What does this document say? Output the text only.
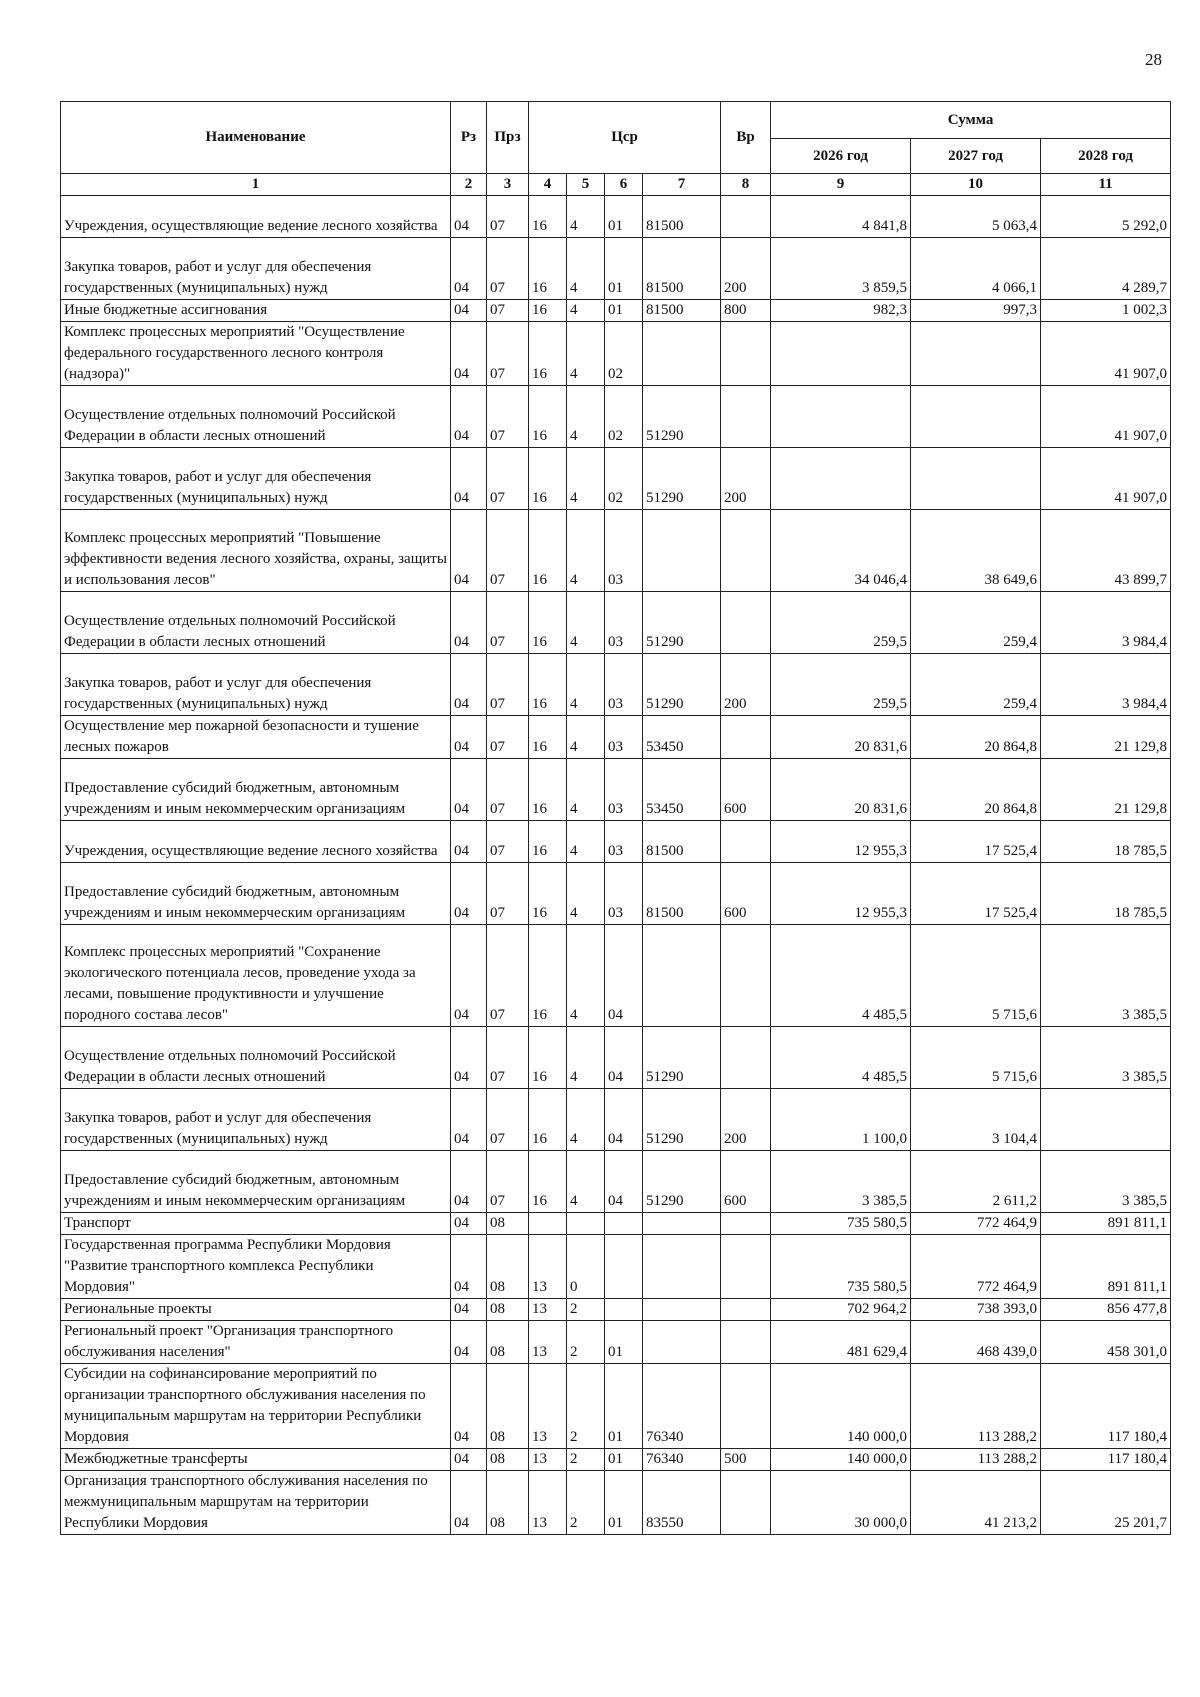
28
Наименование	Рз	Прз	Цср				Вр	Сумма		
								2026 год	2027 год	2028 год
1	2	3	4	5	6	7	8	9	10	11
Учреждения, осуществляющие ведение лесного хозяйства	04	07	16	4	01	81500		4 841,8	5 063,4	5 292,0
Закупка товаров, работ и услуг для обеспечения государственных (муниципальных) нужд	04	07	16	4	01	81500	200	3 859,5	4 066,1	4 289,7
Иные бюджетные ассигнования	04	07	16	4	01	81500	800	982,3	997,3	1 002,3
Комплекс процессных мероприятий "Осуществление федерального государственного лесного контроля (надзора)"	04	07	16	4	02					41 907,0
Осуществление отдельных полномочий Российской Федерации в области лесных отношений	04	07	16	4	02	51290				41 907,0
Закупка товаров, работ и услуг для обеспечения государственных (муниципальных) нужд	04	07	16	4	02	51290	200			41 907,0
Комплекс процессных мероприятий "Повышение эффективности ведения лесного хозяйства, охраны, защиты и использования лесов"	04	07	16	4	03			34 046,4	38 649,6	43 899,7
Осуществление отдельных полномочий Российской Федерации в области лесных отношений	04	07	16	4	03	51290		259,5	259,4	3 984,4
Закупка товаров, работ и услуг для обеспечения государственных (муниципальных) нужд	04	07	16	4	03	51290	200	259,5	259,4	3 984,4
Осуществление мер пожарной безопасности и тушение лесных пожаров	04	07	16	4	03	53450		20 831,6	20 864,8	21 129,8
Предоставление субсидий бюджетным, автономным учреждениям и иным некоммерческим организациям	04	07	16	4	03	53450	600	20 831,6	20 864,8	21 129,8
Учреждения, осуществляющие ведение лесного хозяйства	04	07	16	4	03	81500		12 955,3	17 525,4	18 785,5
Предоставление субсидий бюджетным, автономным учреждениям и иным некоммерческим организациям	04	07	16	4	03	81500	600	12 955,3	17 525,4	18 785,5
Комплекс процессных мероприятий "Сохранение экологического потенциала лесов, проведение ухода за лесами, повышение продуктивности и улучшение породного состава лесов"	04	07	16	4	04			4 485,5	5 715,6	3 385,5
Осуществление отдельных полномочий Российской Федерации в области лесных отношений	04	07	16	4	04	51290		4 485,5	5 715,6	3 385,5
Закупка товаров, работ и услуг для обеспечения государственных (муниципальных) нужд	04	07	16	4	04	51290	200	1 100,0	3 104,4	
Предоставление субсидий бюджетным, автономным учреждениям и иным некоммерческим организациям	04	07	16	4	04	51290	600	3 385,5	2 611,2	3 385,5
Транспорт	04	08						735 580,5	772 464,9	891 811,1
Государственная программа Республики Мордовия "Развитие транспортного комплекса Республики Мордовия"	04	08	13	0				735 580,5	772 464,9	891 811,1
Региональные проекты	04	08	13	2				702 964,2	738 393,0	856 477,8
Региональный проект "Организация транспортного обслуживания населения"	04	08	13	2	01			481 629,4	468 439,0	458 301,0
Субсидии на софинансирование мероприятий по организации транспортного обслуживания населения по муниципальным маршрутам на территории Республики Мордовия	04	08	13	2	01	76340		140 000,0	113 288,2	117 180,4
Межбюджетные трансферты	04	08	13	2	01	76340	500	140 000,0	113 288,2	117 180,4
Организация транспортного обслуживания населения по межмуниципальным маршрутам на территории Республики Мордовия	04	08	13	2	01	83550		30 000,0	41 213,2	25 201,7
